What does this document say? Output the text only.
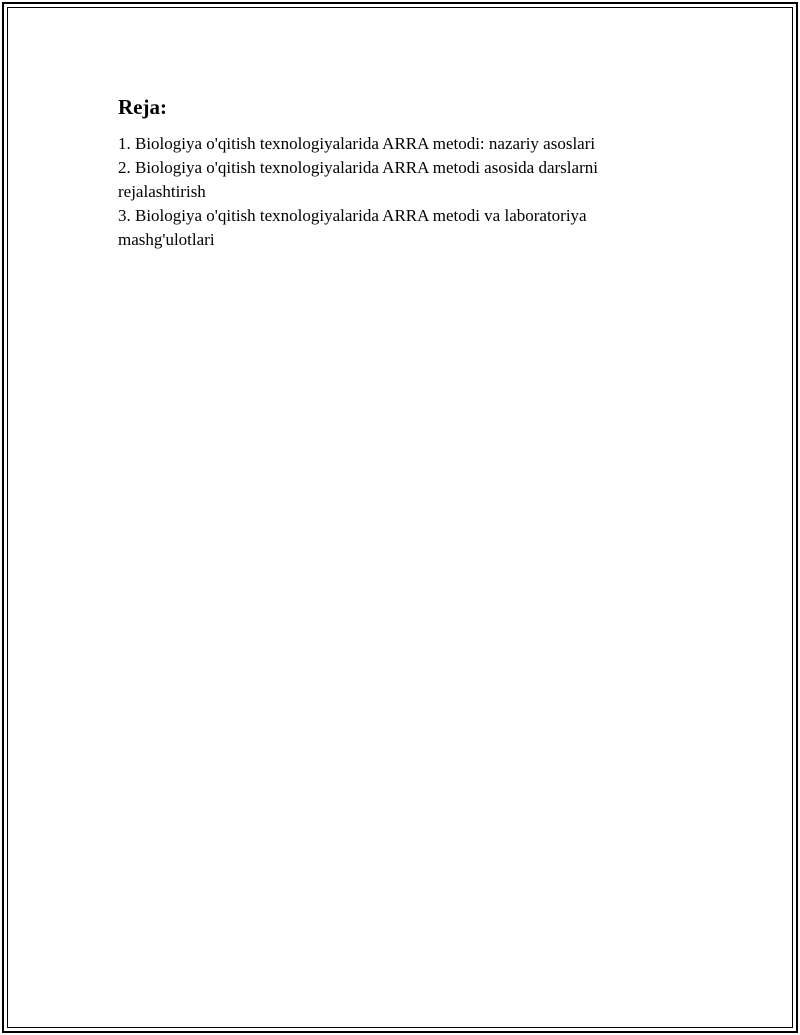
Reja:
1. Biologiya o'qitish texnologiyalarida ARRA metodi: nazariy asoslari
2. Biologiya o'qitish texnologiyalarida ARRA metodi asosida darslarni rejalashtirish
3. Biologiya o'qitish texnologiyalarida ARRA metodi va laboratoriya mashg'ulotlari
